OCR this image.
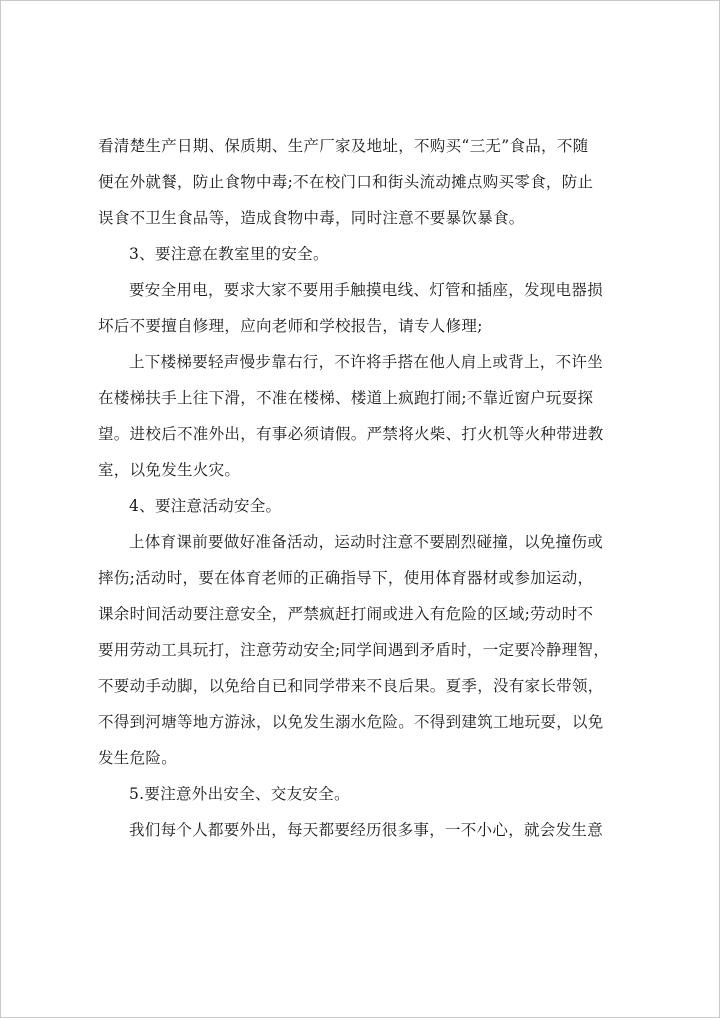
看清楚生产日期、保质期、生产厂家及地址，不购买“三无”食品，不随
便在外就餐，防止食物中毒;不在校门口和街头流动摊点购买零食，防止
误食不卫生食品等，造成食物中毒，同时注意不要暴饮暴食。
3、要注意在教室里的安全。
要安全用电，要求大家不要用手触摸电线、灯管和插座，发现电器损
坏后不要擅自修理，应向老师和学校报告，请专人修理;
上下楼梯要轻声慢步靠右行，不许将手搭在他人肩上或背上，不许坐
在楼梯扶手上往下滑，不准在楼梯、楼道上疯跑打闹;不靠近窗户玩耍探
望。进校后不准外出，有事必须请假。严禁将火柴、打火机等火种带进教
室，以免发生火灾。
4、要注意活动安全。
上体育课前要做好准备活动，运动时注意不要剧烈碰撞，以免撞伤或
摔伤;活动时，要在体育老师的正确指导下，使用体育器材或参加运动，
课余时间活动要注意安全，严禁疯赶打闹或进入有危险的区域;劳动时不
要用劳动工具玩打，注意劳动安全;同学间遇到矛盾时，一定要冷静理智，
不要动手动脚，以免给自已和同学带来不良后果。夏季，没有家长带领，
不得到河塘等地方游泳，以免发生溺水危险。不得到建筑工地玩耍，以免
发生危险。
5.要注意外出安全、交友安全。
我们每个人都要外出，每天都要经历很多事，一不小心，就会发生意
